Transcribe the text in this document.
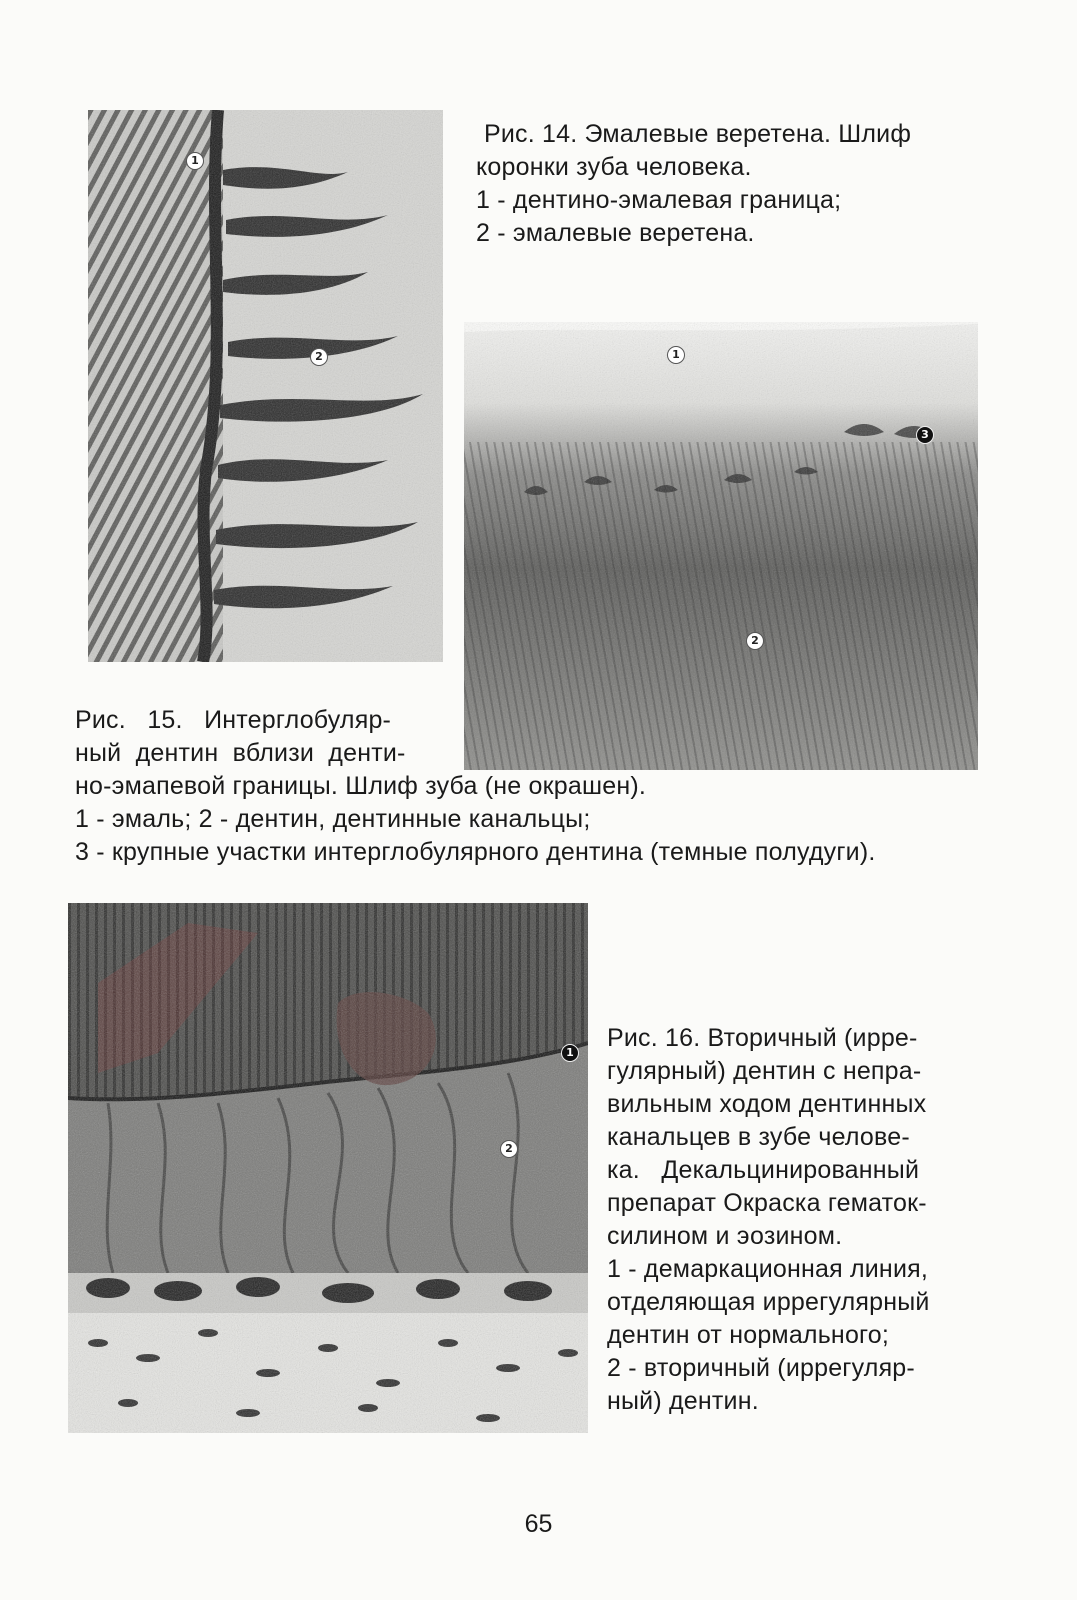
1
2
Рис. 14. Эмалевые веретена. Шлиф
коронки зуба человека.
1 - дентино-эмалевая граница;
2 - эмалевые веретена.
1
2
3
Рис.   15.   Интерглобуляр-
ный  дентин  вблизи  денти-
но-эмапевой границы. Шлиф зуба (не окрашен).
1 - эмаль; 2 - дентин, дентинные канальцы;
3 - крупные участки интерглобулярного дентина (темные полудуги).
1
2
Рис. 16. Вторичный (ирре-
гулярный) дентин с непра-
вильным ходом дентинных
канальцев в зубе челове-
ка.   Декальцинированный
препарат Окраска гематок-
силином и эозином.
1 - демаркационная линия,
отделяющая иррегулярный
дентин от нормального;
2 - вторичный (иррегуляр-
ный) дентин.
65
